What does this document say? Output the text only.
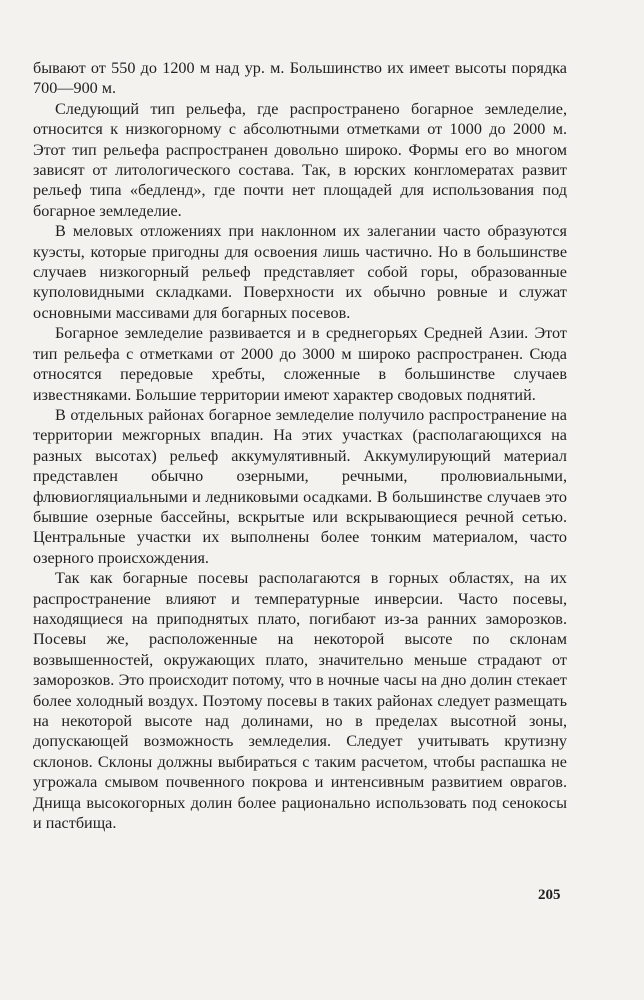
бывают от 550 до 1200 м над ур. м. Большинство их имеет высоты порядка 700—900 м.

Следующий тип рельефа, где распространено богарное земледелие, относится к низкогорному с абсолютными отметками от 1000 до 2000 м. Этот тип рельефа распространен довольно широко. Формы его во многом зависят от литологического состава. Так, в юрских конгломератах развит рельеф типа «бедленд», где почти нет площадей для использования под богарное земледелие.

В меловых отложениях при наклонном их залегании часто образуются куэсты, которые пригодны для освоения лишь частично. Но в большинстве случаев низкогорный рельеф представляет собой горы, образованные куполовидными складками. Поверхности их обычно ровные и служат основными массивами для богарных посевов.

Богарное земледелие развивается и в среднегорьях Средней Азии. Этот тип рельефа с отметками от 2000 до 3000 м широко распространен. Сюда относятся передовые хребты, сложенные в большинстве случаев известняками. Большие территории имеют характер сводовых поднятий.

В отдельных районах богарное земледелие получило распространение на территории межгорных впадин. На этих участках (располагающихся на разных высотах) рельеф аккумулятивный. Аккумулирующий материал представлен обычно озерными, речными, пролювиальными, флювиогляциальными и ледниковыми осадками. В большинстве случаев это бывшие озерные бассейны, вскрытые или вскрывающиеся речной сетью. Центральные участки их выполнены более тонким материалом, часто озерного происхождения.

Так как богарные посевы располагаются в горных областях, на их распространение влияют и температурные инверсии. Часто посевы, находящиеся на приподнятых плато, погибают из-за ранних заморозков. Посевы же, расположенные на некоторой высоте по склонам возвышенностей, окружающих плато, значительно меньше страдают от заморозков. Это происходит потому, что в ночные часы на дно долин стекает более холодный воздух. Поэтому посевы в таких районах следует размещать на некоторой высоте над долинами, но в пределах высотной зоны, допускающей возможность земледелия. Следует учитывать крутизну склонов. Склоны должны выбираться с таким расчетом, чтобы распашка не угрожала смывом почвенного покрова и интенсивным развитием оврагов. Днища высокогорных долин более рационально использовать под сенокосы и пастбища.

205
